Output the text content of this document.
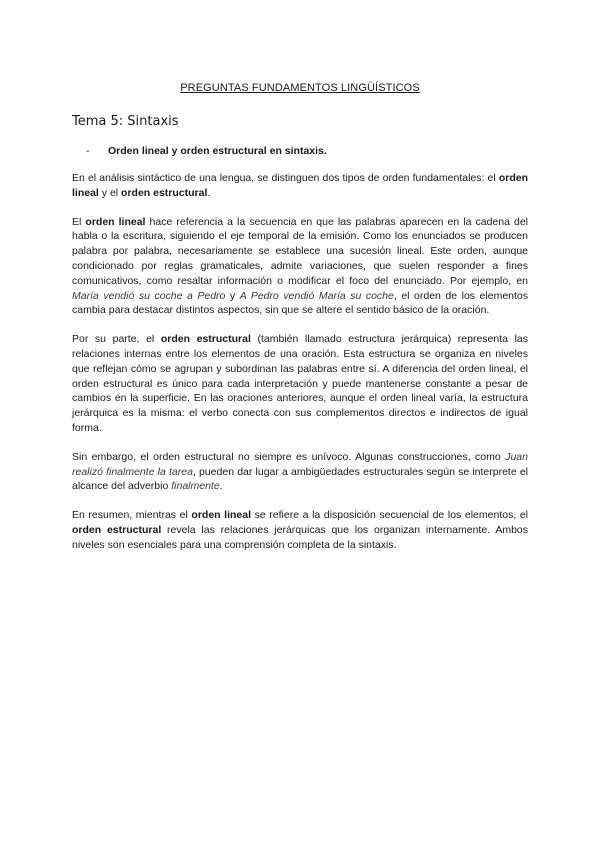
PREGUNTAS FUNDAMENTOS LINGÜÍSTICOS
Tema 5: Sintaxis
- Orden lineal y orden estructural en sintaxis.

En el análisis sintáctico de una lengua, se distinguen dos tipos de orden fundamentales: el orden lineal y el orden estructural.

El orden lineal hace referencia a la secuencia en que las palabras aparecen en la cadena del habla o la escritura, siguiendo el eje temporal de la emisión. Como los enunciados se producen palabra por palabra, necesariamente se establece una sucesión lineal. Este orden, aunque condicionado por reglas gramaticales, admite variaciones, que suelen responder a fines comunicativos, como resaltar información o modificar el foco del enunciado. Por ejemplo, en María vendió su coche a Pedro y A Pedro vendió María su coche, el orden de los elementos cambia para destacar distintos aspectos, sin que se altere el sentido básico de la oración.

Por su parte, el orden estructural (también llamado estructura jerárquica) representa las relaciones internas entre los elementos de una oración. Esta estructura se organiza en niveles que reflejan cómo se agrupan y subordinan las palabras entre sí. A diferencia del orden lineal, el orden estructural es único para cada interpretación y puede mantenerse constante a pesar de cambios en la superficie. En las oraciones anteriores, aunque el orden lineal varía, la estructura jerárquica es la misma: el verbo conecta con sus complementos directos e indirectos de igual forma.

Sin embargo, el orden estructural no siempre es unívoco. Algunas construcciones, como Juan realizó finalmente la tarea, pueden dar lugar a ambigüedades estructurales según se interprete el alcance del adverbio finalmente.

En resumen, mientras el orden lineal se refiere a la disposición secuencial de los elementos, el orden estructural revela las relaciones jerárquicas que los organizan internamente. Ambos niveles son esenciales para una comprensión completa de la sintaxis.
